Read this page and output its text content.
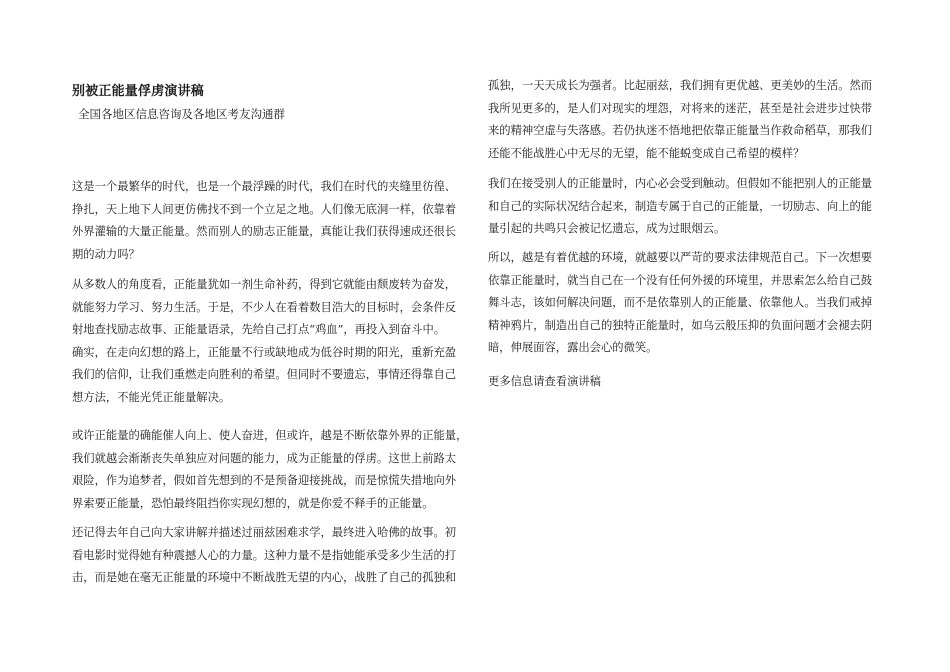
别被正能量俘虏演讲稿
全国各地区信息咨询及各地区考友沟通群

这是一个最繁华的时代，也是一个最浮躁的时代，我们在时代的夹缝里彷徨、
挣扎，天上地下人间更仿佛找不到一个立足之地。人们像无底洞一样，依靠着
外界灌输的大量正能量。然而别人的励志正能量，真能让我们获得速成还很长
期的动力吗？

从多数人的角度看，正能量犹如一剂生命补药，得到它就能由颓废转为奋发，
就能努力学习、努力生活。于是，不少人在看着数目浩大的目标时，会条件反
射地查找励志故事、正能量语录，先给自己打点“鸡血”，再投入到奋斗中。
确实，在走向幻想的路上，正能量不行或缺地成为低谷时期的阳光，重新充盈
我们的信仰，让我们重燃走向胜利的希望。但同时不要遗忘，事情还得靠自己
想方法，不能光凭正能量解决。

或许正能量的确能催人向上、使人奋进，但或许，越是不断依靠外界的正能量，
我们就越会渐渐丧失单独应对问题的能力，成为正能量的俘虏。这世上前路太
艰险，作为追梦者，假如首先想到的不是预备迎接挑战，而是惊慌失措地向外
界索要正能量，恐怕最终阻挡你实现幻想的，就是你爱不释手的正能量。

还记得去年自己向大家讲解并描述过丽兹困难求学，最终进入哈佛的故事。初
看电影时觉得她有种震撼人心的力量。这种力量不是指她能承受多少生活的打
击，而是她在毫无正能量的环境中不断战胜无望的内心，战胜了自己的孤独和

孤独，一天天成长为强者。比起丽兹，我们拥有更优越、更美妙的生活。然而
我所见更多的，是人们对现实的埋怨，对将来的迷茫，甚至是社会进步过快带
来的精神空虚与失落感。若仍执迷不悟地把依靠正能量当作救命稻草，那我们
还能不能战胜心中无尽的无望，能不能蜕变成自己希望的模样？

我们在接受别人的正能量时，内心必会受到触动。但假如不能把别人的正能量
和自己的实际状况结合起来，制造专属于自己的正能量，一切励志、向上的能
量引起的共鸣只会被记忆遗忘，成为过眼烟云。

所以，越是有着优越的环境，就越要以严苛的要求法律规范自己。下一次想要
依靠正能量时，就当自己在一个没有任何外援的环境里，并思索怎么给自己鼓
舞斗志，该如何解决问题，而不是依靠别人的正能量、依靠他人。当我们戒掉
精神鸦片，制造出自己的独特正能量时，如乌云般压抑的负面问题才会褪去阴
暗，伸展面容，露出会心的微笑。

更多信息请查看演讲稿
